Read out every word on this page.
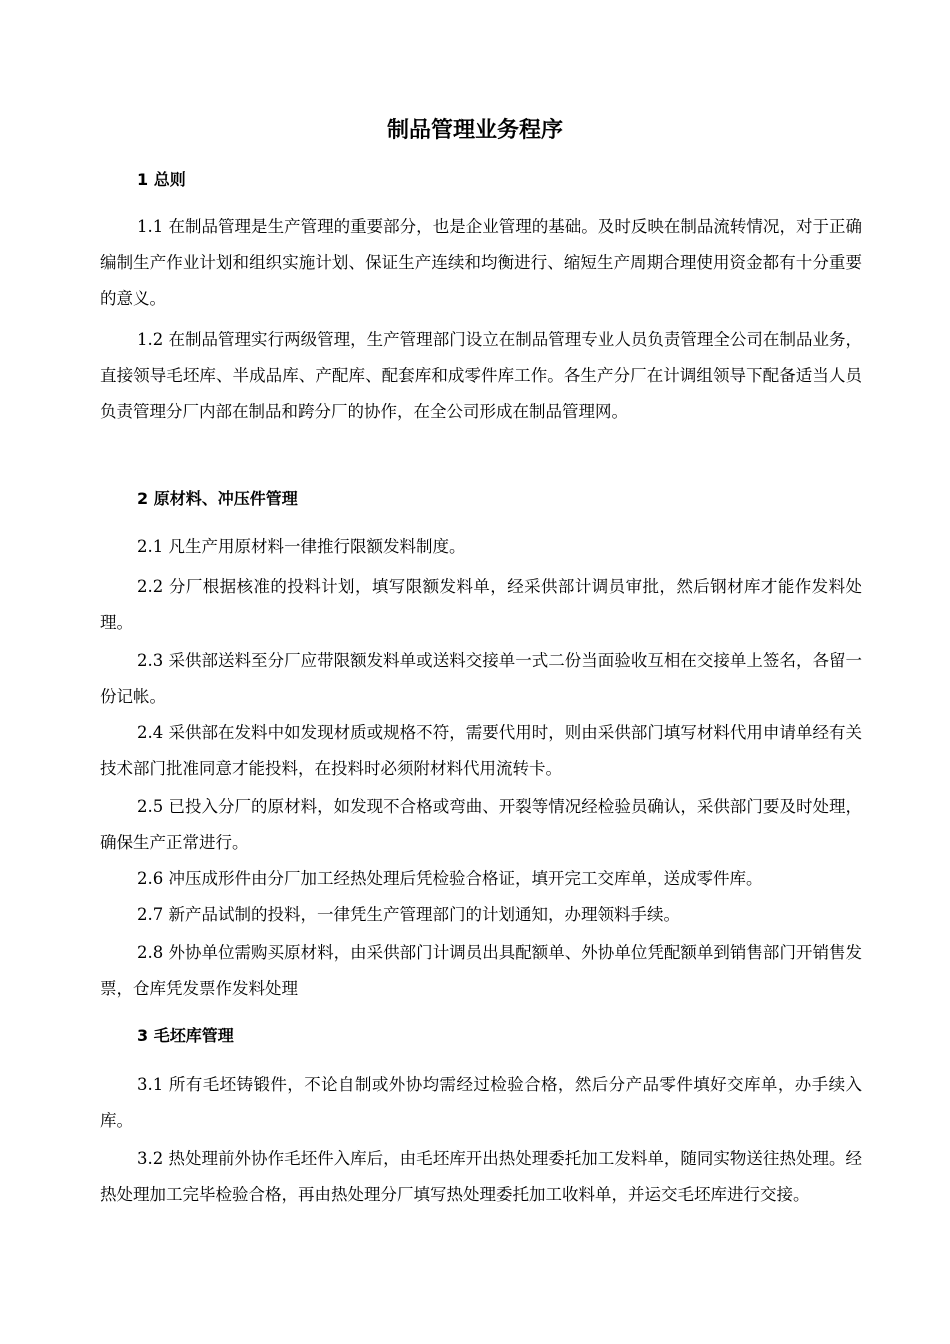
制品管理业务程序
1 总则

1.1 在制品管理是生产管理的重要部分，也是企业管理的基础。及时反映在制品流转情况，对于正确编制生产作业计划和组织实施计划、保证生产连续和均衡进行、缩短生产周期合理使用资金都有十分重要的意义。

1.2 在制品管理实行两级管理，生产管理部门设立在制品管理专业人员负责管理全公司在制品业务，直接领导毛坯库、半成品库、产配库、配套库和成零件库工作。各生产分厂在计调组领导下配备适当人员负责管理分厂内部在制品和跨分厂的协作，在全公司形成在制品管理网。

2 原材料、冲压件管理

2.1 凡生产用原材料一律推行限额发料制度。

2.2 分厂根据核准的投料计划，填写限额发料单，经采供部计调员审批，然后钢材库才能作发料处理。

2.3 采供部送料至分厂应带限额发料单或送料交接单一式二份当面验收互相在交接单上签名，各留一份记帐。

2.4 采供部在发料中如发现材质或规格不符，需要代用时，则由采供部门填写材料代用申请单经有关技术部门批准同意才能投料，在投料时必须附材料代用流转卡。

2.5 已投入分厂的原材料，如发现不合格或弯曲、开裂等情况经检验员确认，采供部门要及时处理，确保生产正常进行。

2.6 冲压成形件由分厂加工经热处理后凭检验合格证，填开完工交库单，送成零件库。

2.7 新产品试制的投料，一律凭生产管理部门的计划通知，办理领料手续。

2.8 外协单位需购买原材料，由采供部门计调员出具配额单、外协单位凭配额单到销售部门开销售发票，仓库凭发票作发料处理

3 毛坯库管理

3.1 所有毛坯铸锻件，不论自制或外协均需经过检验合格，然后分产品零件填好交库单，办手续入库。

3.2 热处理前外协作毛坯件入库后，由毛坯库开出热处理委托加工发料单，随同实物送往热处理。经热处理加工完毕检验合格，再由热处理分厂填写热处理委托加工收料单，并运交毛坯库进行交接。
